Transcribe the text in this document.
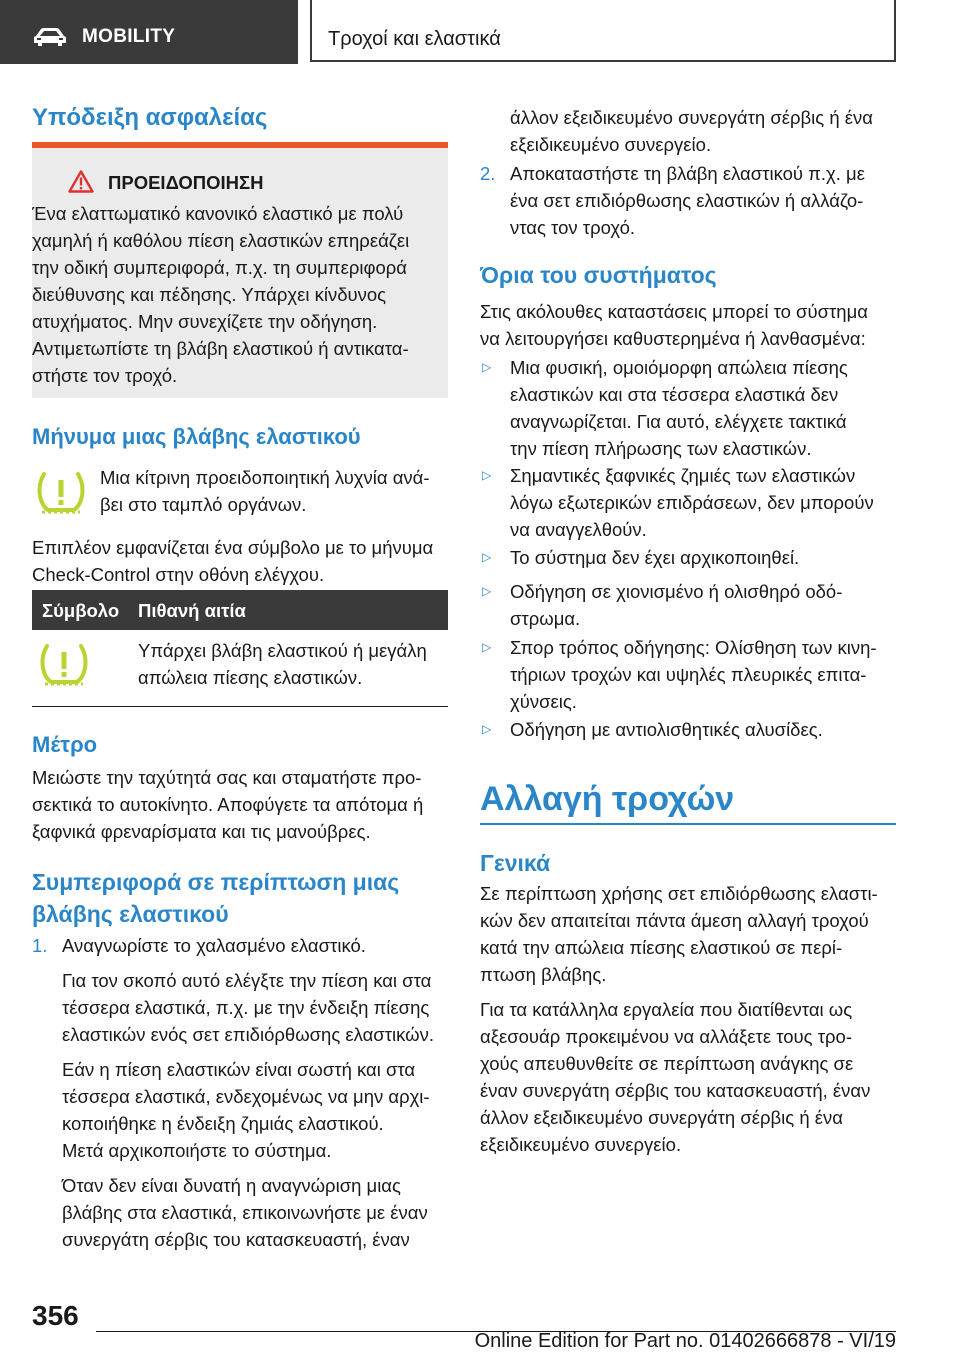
MOBILITY	Τροχοί και ελαστικά
Υπόδειξη ασφαλείας
ΠΡΟΕΙΔΟΠΟΙΗΣΗ
Ένα ελαττωματικό κανονικό ελαστικό με πολύ
χαμηλή ή καθόλου πίεση ελαστικών επηρεάζει
την οδική συμπεριφορά, π.χ. τη συμπεριφορά
διεύθυνσης και πέδησης. Υπάρχει κίνδυνος
ατυχήματος. Μην συνεχίζετε την οδήγηση.
Αντιμετωπίστε τη βλάβη ελαστικού ή αντικατα-
στήστε τον τροχό.
Μήνυμα μιας βλάβης ελαστικού
Μια κίτρινη προειδοποιητική λυχνία ανά-
βει στο ταμπλό οργάνων.
Επιπλέον εμφανίζεται ένα σύμβολο με το μήνυμα
Check-Control στην οθόνη ελέγχου.
Σύμβολο Πιθανή αιτία
Υπάρχει βλάβη ελαστικού ή μεγάλη
απώλεια πίεσης ελαστικών.
Μέτρο
Μειώστε την ταχύτητά σας και σταματήστε προ-
σεκτικά το αυτοκίνητο. Αποφύγετε τα απότομα ή
ξαφνικά φρεναρίσματα και τις μανούβρες.
Συμπεριφορά σε περίπτωση μιας
βλάβης ελαστικού
1. Αναγνωρίστε το χαλασμένο ελαστικό.
Για τον σκοπό αυτό ελέγξτε την πίεση και στα
τέσσερα ελαστικά, π.χ. με την ένδειξη πίεσης
ελαστικών ενός σετ επιδιόρθωσης ελαστικών.
Εάν η πίεση ελαστικών είναι σωστή και στα
τέσσερα ελαστικά, ενδεχομένως να μην αρχι-
κοποιήθηκε η ένδειξη ζημιάς ελαστικού.
Μετά αρχικοποιήστε το σύστημα.
Όταν δεν είναι δυνατή η αναγνώριση μιας
βλάβης στα ελαστικά, επικοινωνήστε με έναν
συνεργάτη σέρβις του κατασκευαστή, έναν
άλλον εξειδικευμένο συνεργάτη σέρβις ή ένα
εξειδικευμένο συνεργείο.
2. Αποκαταστήστε τη βλάβη ελαστικού π.χ. με
ένα σετ επιδιόρθωσης ελαστικών ή αλλάζο-
ντας τον τροχό.
Όρια του συστήματος
Στις ακόλουθες καταστάσεις μπορεί το σύστημα
να λειτουργήσει καθυστερημένα ή λανθασμένα:
▷ Μια φυσική, ομοιόμορφη απώλεια πίεσης
ελαστικών και στα τέσσερα ελαστικά δεν
αναγνωρίζεται. Για αυτό, ελέγχετε τακτικά
την πίεση πλήρωσης των ελαστικών.
▷ Σημαντικές ξαφνικές ζημιές των ελαστικών
λόγω εξωτερικών επιδράσεων, δεν μπορούν
να αναγγελθούν.
▷ Το σύστημα δεν έχει αρχικοποιηθεί.
▷ Οδήγηση σε χιονισμένο ή ολισθηρό οδό-
στρωμα.
▷ Σπορ τρόπος οδήγησης: Ολίσθηση των κινη-
τήριων τροχών και υψηλές πλευρικές επιτα-
χύνσεις.
▷ Οδήγηση με αντιολισθητικές αλυσίδες.
Αλλαγή τροχών
Γενικά
Σε περίπτωση χρήσης σετ επιδιόρθωσης ελαστι-
κών δεν απαιτείται πάντα άμεση αλλαγή τροχού
κατά την απώλεια πίεσης ελαστικού σε περί-
πτωση βλάβης.
Για τα κατάλληλα εργαλεία που διατίθενται ως
αξεσουάρ προκειμένου να αλλάξετε τους τρο-
χούς απευθυνθείτε σε περίπτωση ανάγκης σε
έναν συνεργάτη σέρβις του κατασκευαστή, έναν
άλλον εξειδικευμένο συνεργάτη σέρβις ή ένα
εξειδικευμένο συνεργείο.
356
Online Edition for Part no. 01402666878 - VI/19
